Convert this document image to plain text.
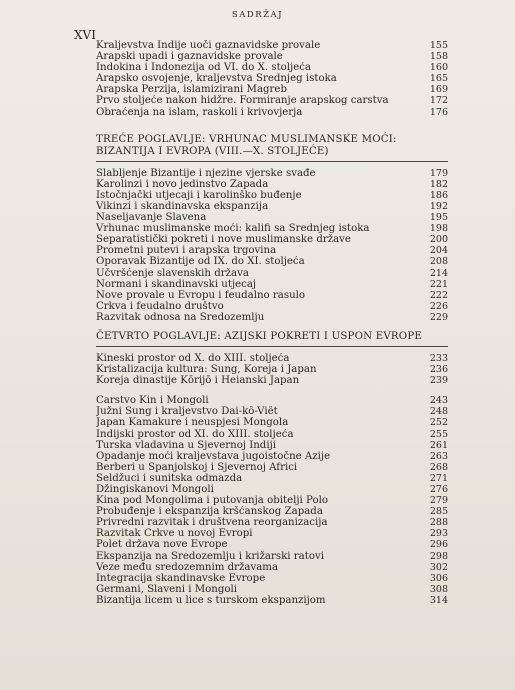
SADRŽAJ
XVI
Kraljevstva Indije uoči gaznavidske provale	155
Arapski upadi i gaznavidske provale	158
Indokina i Indonezija od VI. do X. stoljeća	160
Arapsko osvojenje, kraljevstva Srednjeg istoka	165
Arapska Perzija, islamizirani Magreb	169
Prvo stoljeće nakon hidžre. Formiranje arapskog carstva	172
Obraćenja na islam, raskoli i krivovjerja	176
TREĆE POGLAVLJE: VRHUNAC MUSLIMANSKE MOĆI:
BIZANTIJA I EVROPA (VIII.—X. STOLJEĆE)
Slabljenje Bizantije i njezine vjerske svađe	179
Karolinzi i novo jedinstvo Zapada	182
Istočnjački utjecaji i karolinško buđenje	186
Vikinzi i skandinavska ekspanzija	192
Naseljavanje Slavena	195
Vrhunac muslimanske moći: kalifi sa Srednjeg istoka	198
Separatistički pokreti i nove muslimanske države	200
Prometni putevi i arapska trgovina	204
Oporavak Bizantije od IX. do XI. stoljeća	208
Učvršćenje slavenskih država	214
Normani i skandinavski utjecaj	221
Nove provale u Evropu i feudalno rasulo	222
Crkva i feudalno društvo	226
Razvitak odnosa na Sredozemlju	229
ČETVRTO POGLAVLJE: AZIJSKI POKRETI I USPON EVROPE
Kineski prostor od X. do XIII. stoljeća	233
Kristalizacija kultura: Sung, Koreja i Japan	236
Koreja dinastije Kōrijō i Heianski Japan	239
Carstvo Kin i Mongoli	243
Južni Sung i kraljevstvo Dai-kô-Viêt	248
Japan Kamakure i neuspjesi Mongola	252
Indijski prostor od XI. do XIII. stoljeća	255
Turska vladavina u Sjevernoj Indiji	261
Opadanje moći kraljevstava jugoistočne Azije	263
Berberi u Španjolskoj i Sjevernoj Africi	268
Seldžuci i sunitska odmazda	271
Džingiskanovi Mongoli	276
Kina pod Mongolima i putovanja obitelji Polo	279
Probuđenje i ekspanzija kršćanskog Zapada	285
Privredni razvitak i društvena reorganizacija	288
Razvitak Crkve u novoj Evropi	293
Polet država nove Evrope	296
Ekspanzija na Sredozemlju i križarski ratovi	298
Veze među sredozemnim državama	302
Integracija skandinavske Evrope	306
Germani, Slaveni i Mongoli	308
Bizantija licem u lice s turskom ekspanzijom	314
